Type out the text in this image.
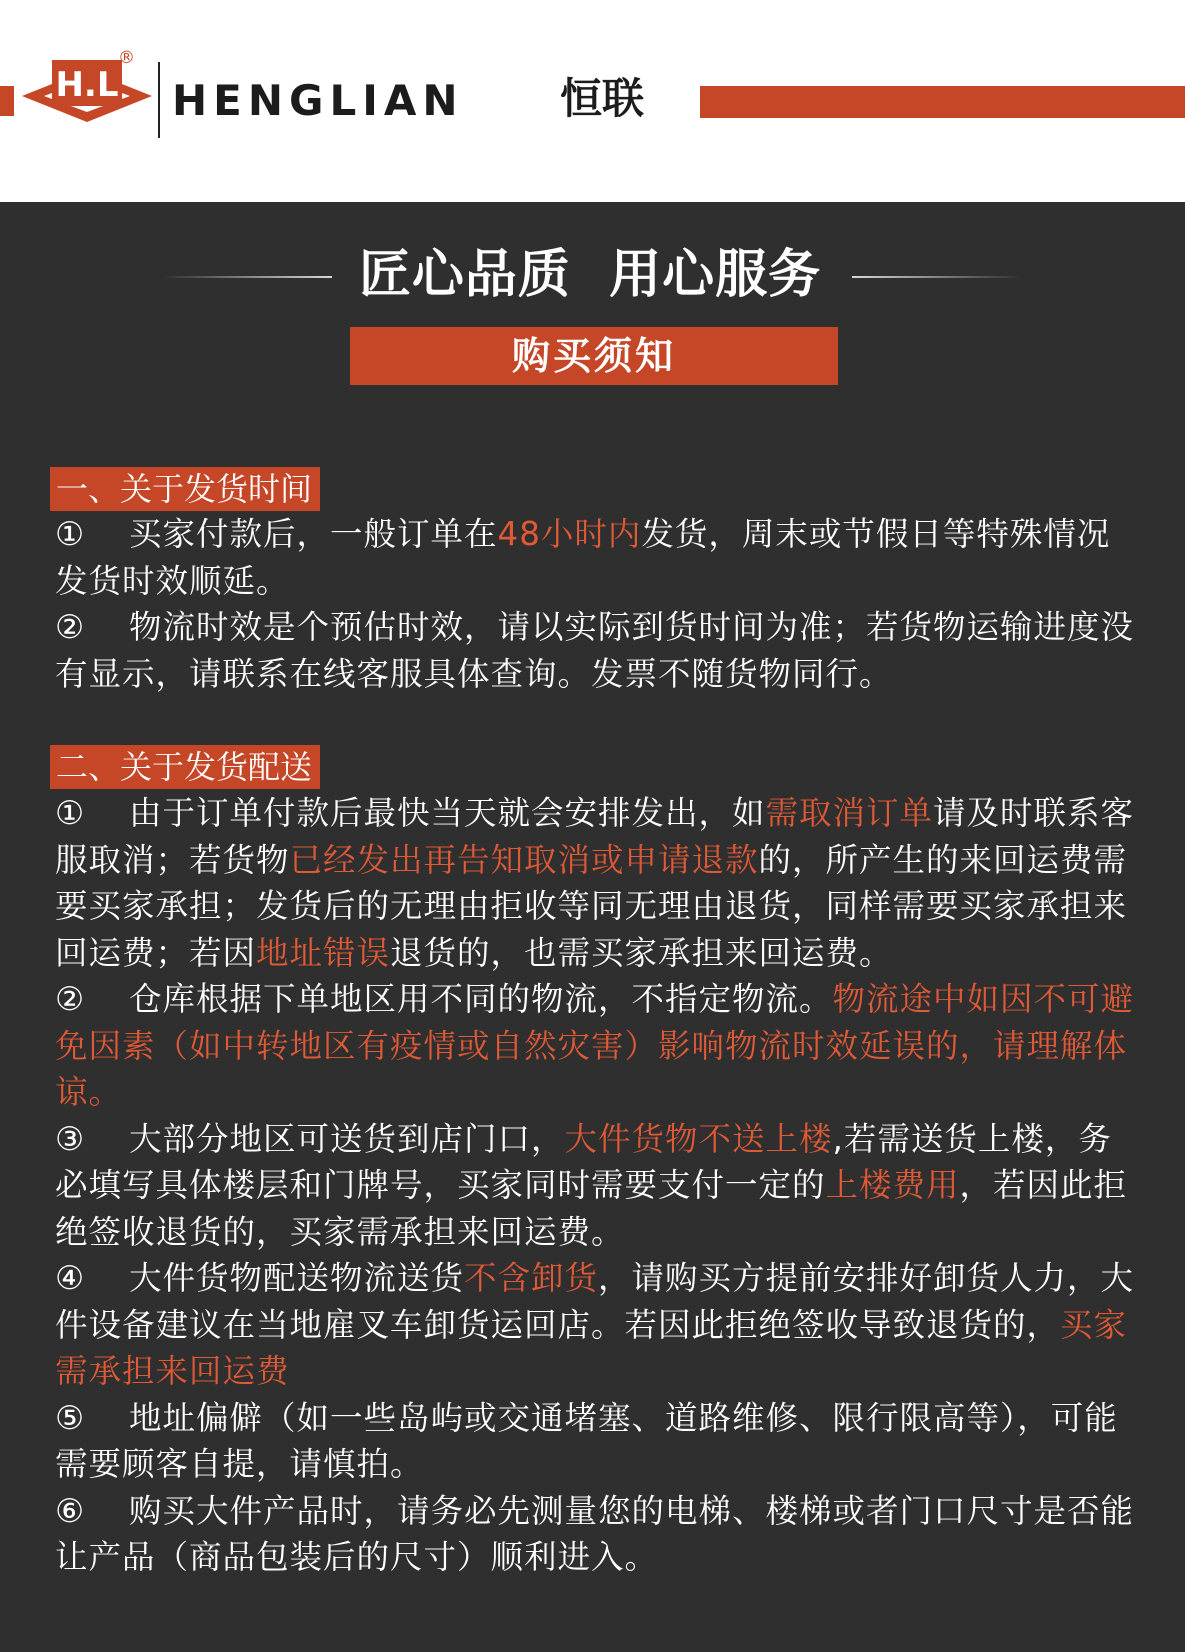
H.L
®
HENGLIAN 恒联
匠心品质  用心服务
购买须知
一、关于发货时间

① 买家付款后，一般订单在48小时内发货，周末或节假日等特殊情况发货时效顺延。

② 物流时效是个预估时效，请以实际到货时间为准；若货物运输进度没有显示，请联系在线客服具体查询。发票不随货物同行。

二、关于发货配送

① 由于订单付款后最快当天就会安排发出，如需取消订单请及时联系客服取消；若货物已经发出再告知取消或申请退款的，所产生的来回运费需要买家承担；发货后的无理由拒收等同无理由退货，同样需要买家承担来回运费；若因地址错误退货的，也需买家承担来回运费。

② 仓库根据下单地区用不同的物流，不指定物流。物流途中如因不可避免因素（如中转地区有疫情或自然灾害）影响物流时效延误的，请理解体谅。

③ 大部分地区可送货到店门口，大件货物不送上楼,若需送货上楼，务必填写具体楼层和门牌号，买家同时需要支付一定的上楼费用，若因此拒绝签收退货的，买家需承担来回运费。

④ 大件货物配送物流送货不含卸货，请购买方提前安排好卸货人力，大件设备建议在当地雇叉车卸货运回店。若因此拒绝签收导致退货的，买家需承担来回运费

⑤ 地址偏僻（如一些岛屿或交通堵塞、道路维修、限行限高等），可能需要顾客自提，请慎拍。

⑥ 购买大件产品时，请务必先测量您的电梯、楼梯或者门口尺寸是否能让产品（商品包装后的尺寸）顺利进入。
